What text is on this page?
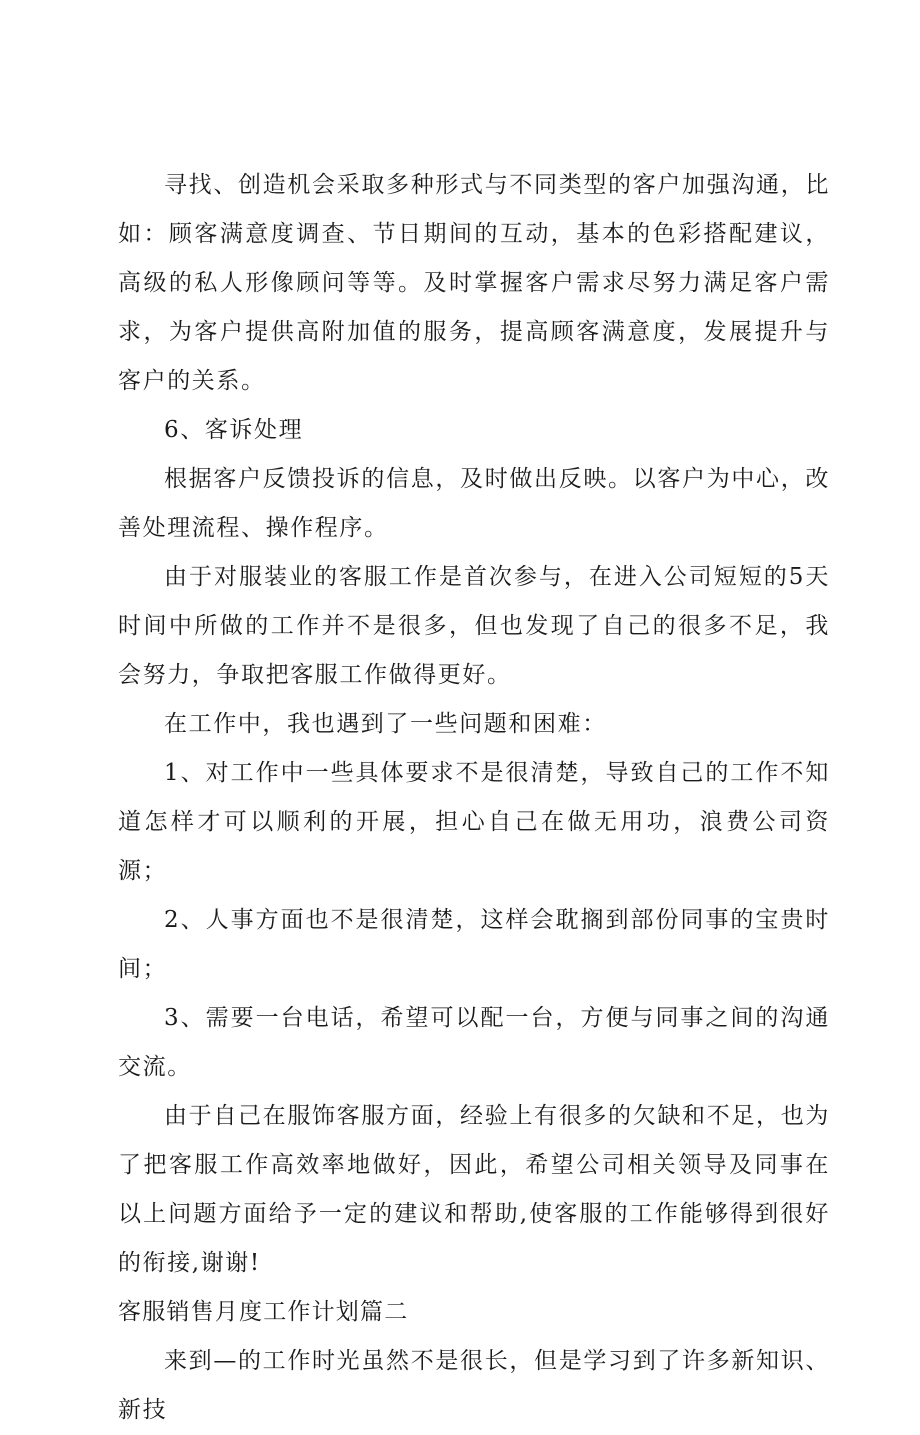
寻找、创造机会采取多种形式与不同类型的客户加强沟通，比如：顾客满意度调查、节日期间的互动，基本的色彩搭配建议，高级的私人形像顾问等等。及时掌握客户需求尽努力满足客户需求，为客户提供高附加值的服务，提高顾客满意度，发展提升与客户的关系。

6、客诉处理

根据客户反馈投诉的信息，及时做出反映。以客户为中心，改善处理流程、操作程序。

由于对服装业的客服工作是首次参与，在进入公司短短的5天时间中所做的工作并不是很多，但也发现了自己的很多不足，我会努力，争取把客服工作做得更好。

在工作中，我也遇到了一些问题和困难：

1、对工作中一些具体要求不是很清楚，导致自己的工作不知道怎样才可以顺利的开展，担心自己在做无用功，浪费公司资源；

2、人事方面也不是很清楚，这样会耽搁到部份同事的宝贵时间；

3、需要一台电话，希望可以配一台，方便与同事之间的沟通交流。

由于自己在服饰客服方面，经验上有很多的欠缺和不足，也为了把客服工作高效率地做好，因此，希望公司相关领导及同事在以上问题方面给予一定的建议和帮助,使客服的工作能够得到很好的衔接,谢谢!

客服销售月度工作计划篇二

来到—的工作时光虽然不是很长，但是学习到了许多新知识、新技
